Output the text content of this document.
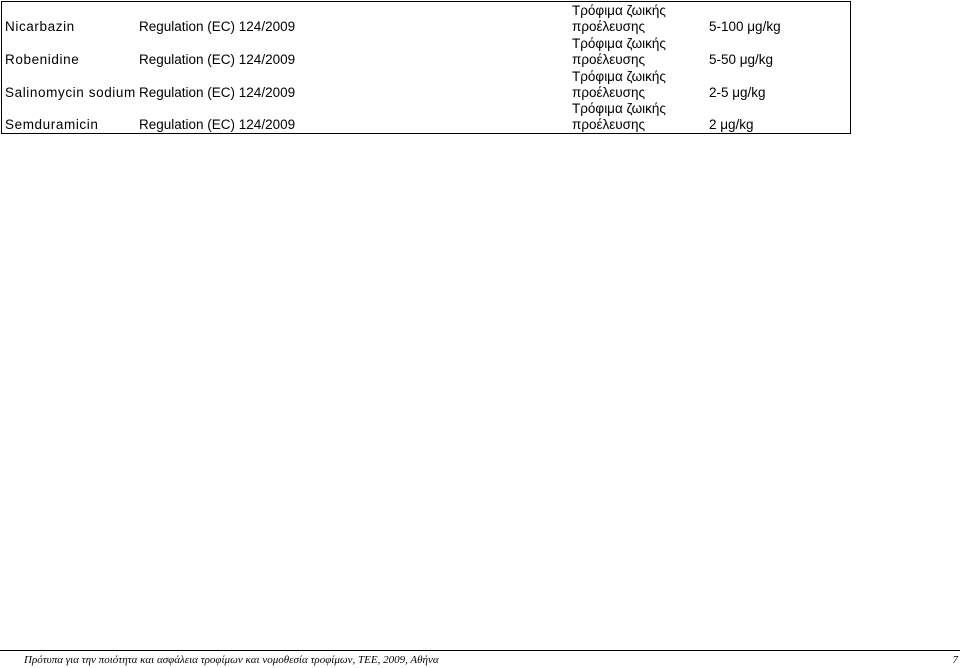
Nicarbazin	Regulation (EC) 124/2009	Τρόφιμα ζωικής
προέλευσης	5-100 μg/kg
Robenidine	Regulation (EC) 124/2009	Τρόφιμα ζωικής
προέλευσης	5-50 μg/kg
Salinomycin sodium	Regulation (EC) 124/2009	Τρόφιμα ζωικής
προέλευσης	2-5 μg/kg
Semduramicin	Regulation (EC) 124/2009	Τρόφιμα ζωικής
προέλευσης	2 μg/kg
Πρότυπα για την ποιότητα και ασφάλεια τροφίμων και νομοθεσία τροφίμων, ΤΕΕ, 2009, Αθήνα	7
